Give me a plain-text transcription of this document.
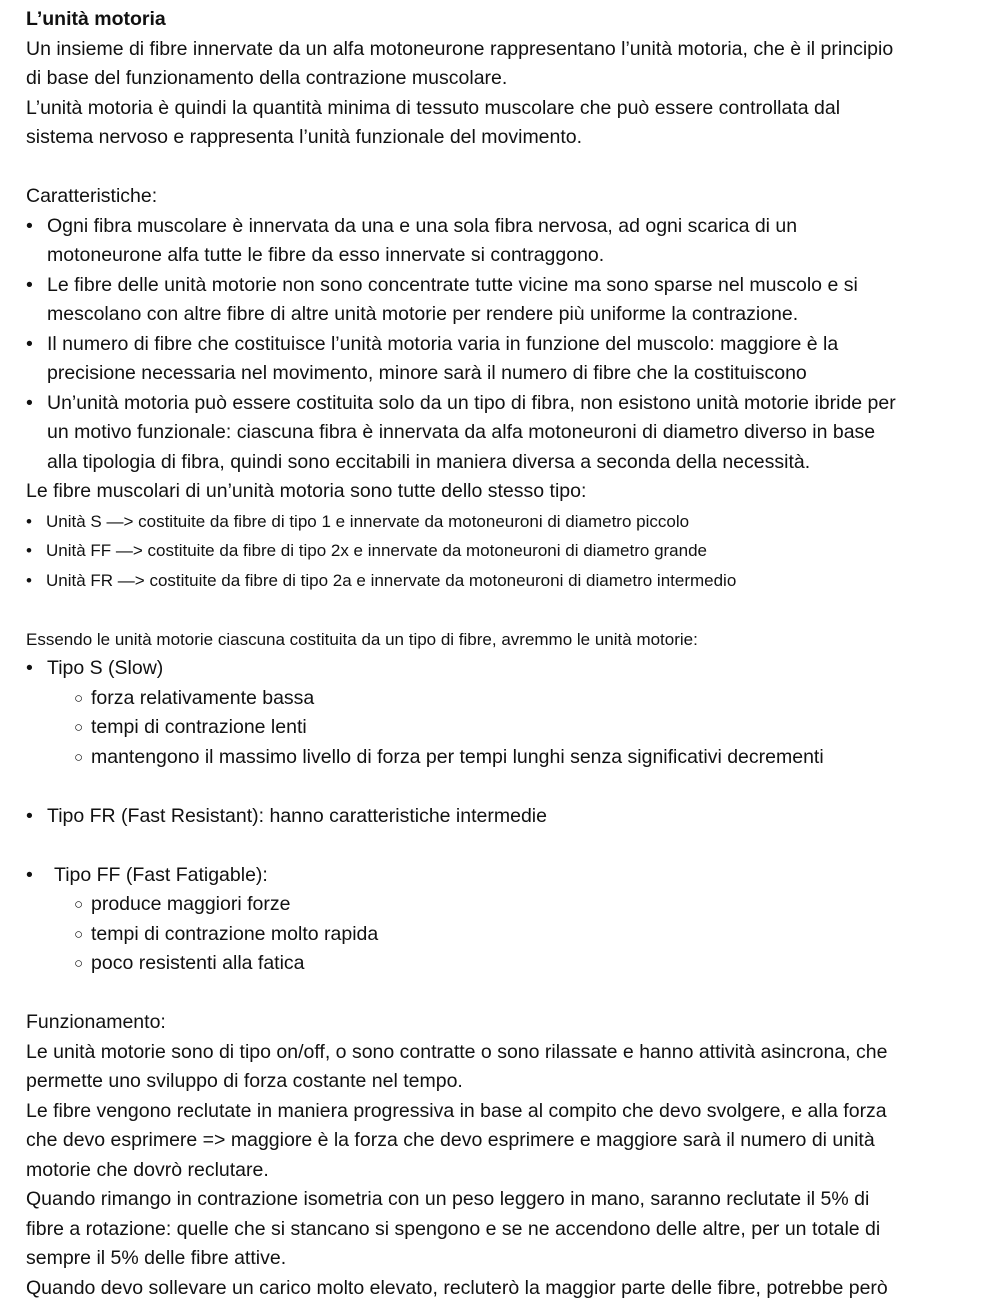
L’unità motoria
Un insieme di fibre innervate da un alfa motoneurone rappresentano l’unità motoria, che è il principio
di base del funzionamento della contrazione muscolare.
L’unità motoria è quindi la quantità minima di tessuto muscolare che può essere controllata dal
sistema nervoso e rappresenta l’unità funzionale del movimento.
Caratteristiche:
• Ogni fibra muscolare è innervata da una e una sola fibra nervosa, ad ogni scarica di un
motoneurone alfa tutte le fibre da esso innervate si contraggono.
• Le fibre delle unità motorie non sono concentrate tutte vicine ma sono sparse nel muscolo e si
mescolano con altre fibre di altre unità motorie per rendere più uniforme la contrazione.
• Il numero di fibre che costituisce l’unità motoria varia in funzione del muscolo: maggiore è la
precisione necessaria nel movimento, minore sarà il numero di fibre che la costituiscono
• Un’unità motoria può essere costituita solo da un tipo di fibra, non esistono unità motorie ibride per
un motivo funzionale: ciascuna fibra è innervata da alfa motoneuroni di diametro diverso in base
alla tipologia di fibra, quindi sono eccitabili in maniera diversa a seconda della necessità.
Le fibre muscolari di un’unità motoria sono tutte dello stesso tipo:
• Unità S —> costituite da fibre di tipo 1 e innervate da motoneuroni di diametro piccolo
• Unità FF —> costituite da fibre di tipo 2x e innervate da motoneuroni di diametro grande
• Unità FR —> costituite da fibre di tipo 2a e innervate da motoneuroni di diametro intermedio
Essendo le unità motorie ciascuna costituita da un tipo di fibre, avremmo le unità motorie:
• Tipo S (Slow)
○ forza relativamente bassa
○ tempi di contrazione lenti
○ mantengono il massimo livello di forza per tempi lunghi senza significativi decrementi
• Tipo FR (Fast Resistant): hanno caratteristiche intermedie
•	Tipo FF (Fast Fatigable):
○ produce maggiori forze
○ tempi di contrazione molto rapida
○ poco resistenti alla fatica
Funzionamento:
Le unità motorie sono di tipo on/off, o sono contratte o sono rilassate e hanno attività asincrona, che
permette uno sviluppo di forza costante nel tempo.
Le fibre vengono reclutate in maniera progressiva in base al compito che devo svolgere, e alla forza
che devo esprimere => maggiore è la forza che devo esprimere e maggiore sarà il numero di unità
motorie che dovrò reclutare.
Quando rimango in contrazione isometria con un peso leggero in mano, saranno reclutate il 5% di
fibre a rotazione: quelle che si stancano si spengono e se ne accendono delle altre, per un totale di
sempre il 5% delle fibre attive.
Quando devo sollevare un carico molto elevato, recluterò la maggior parte delle fibre, potrebbe però
